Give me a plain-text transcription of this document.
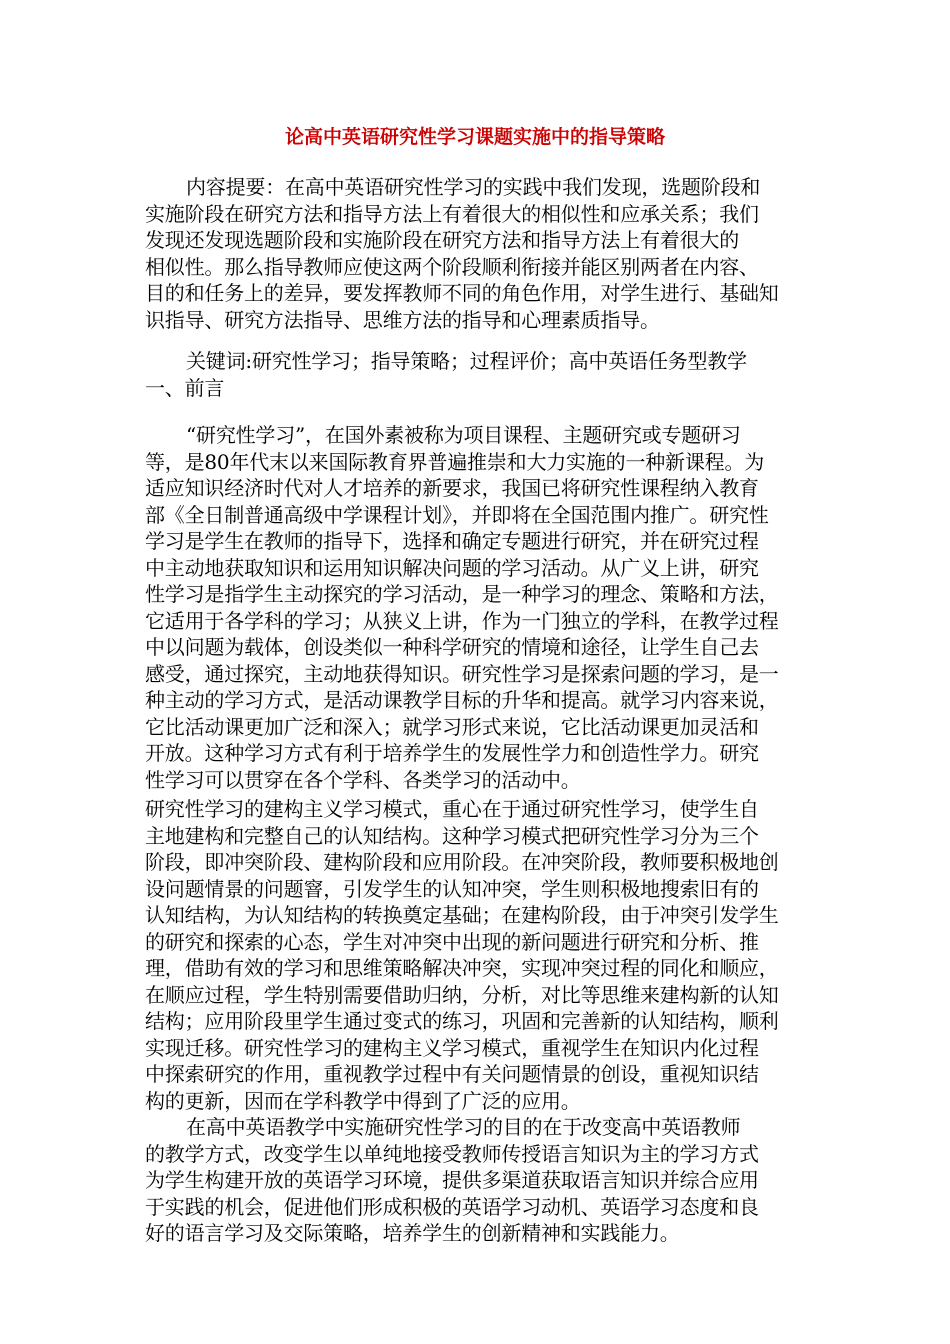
论高中英语研究性学习课题实施中的指导策略
内容提要：在高中英语研究性学习的实践中我们发现，选题阶段和
实施阶段在研究方法和指导方法上有着很大的相似性和应承关系；我们
发现还发现选题阶段和实施阶段在研究方法和指导方法上有着很大的
相似性。那么指导教师应使这两个阶段顺利衔接并能区别两者在内容、
目的和任务上的差异，要发挥教师不同的角色作用，对学生进行、基础知
识指导、研究方法指导、思维方法的指导和心理素质指导。
关键词:研究性学习；指导策略；过程评价；高中英语任务型教学
一、前言
“研究性学习”，在国外素被称为项目课程、主题研究或专题研习
等，是80年代末以来国际教育界普遍推崇和大力实施的一种新课程。为
适应知识经济时代对人才培养的新要求，我国已将研究性课程纳入教育
部《全日制普通高级中学课程计划》，并即将在全国范围内推广。研究性
学习是学生在教师的指导下，选择和确定专题进行研究，并在研究过程
中主动地获取知识和运用知识解决问题的学习活动。从广义上讲，研究
性学习是指学生主动探究的学习活动，是一种学习的理念、策略和方法，
它适用于各学科的学习；从狭义上讲，作为一门独立的学科，在教学过程
中以问题为载体，创设类似一种科学研究的情境和途径，让学生自己去
感受，通过探究，主动地获得知识。研究性学习是探索问题的学习，是一
种主动的学习方式，是活动课教学目标的升华和提高。就学习内容来说，
它比活动课更加广泛和深入；就学习形式来说，它比活动课更加灵活和
开放。这种学习方式有利于培养学生的发展性学力和创造性学力。研究
性学习可以贯穿在各个学科、各类学习的活动中。
研究性学习的建构主义学习模式，重心在于通过研究性学习，使学生自
主地建构和完整自己的认知结构。这种学习模式把研究性学习分为三个
阶段，即冲突阶段、建构阶段和应用阶段。在冲突阶段，教师要积极地创
设问题情景的问题窨，引发学生的认知冲突，学生则积极地搜索旧有的
认知结构，为认知结构的转换奠定基础；在建构阶段，由于冲突引发学生
的研究和探索的心态，学生对冲突中出现的新问题进行研究和分析、推
理，借助有效的学习和思维策略解决冲突，实现冲突过程的同化和顺应，
在顺应过程，学生特别需要借助归纳，分析，对比等思维来建构新的认知
结构；应用阶段里学生通过变式的练习，巩固和完善新的认知结构，顺利
实现迁移。研究性学习的建构主义学习模式，重视学生在知识内化过程
中探索研究的作用，重视教学过程中有关问题情景的创设，重视知识结
构的更新，因而在学科教学中得到了广泛的应用。
在高中英语教学中实施研究性学习的目的在于改变高中英语教师
的教学方式，改变学生以单纯地接受教师传授语言知识为主的学习方式
为学生构建开放的英语学习环境，提供多渠道获取语言知识并综合应用
于实践的机会，促进他们形成积极的英语学习动机、英语学习态度和良
好的语言学习及交际策略，培养学生的创新精神和实践能力。
